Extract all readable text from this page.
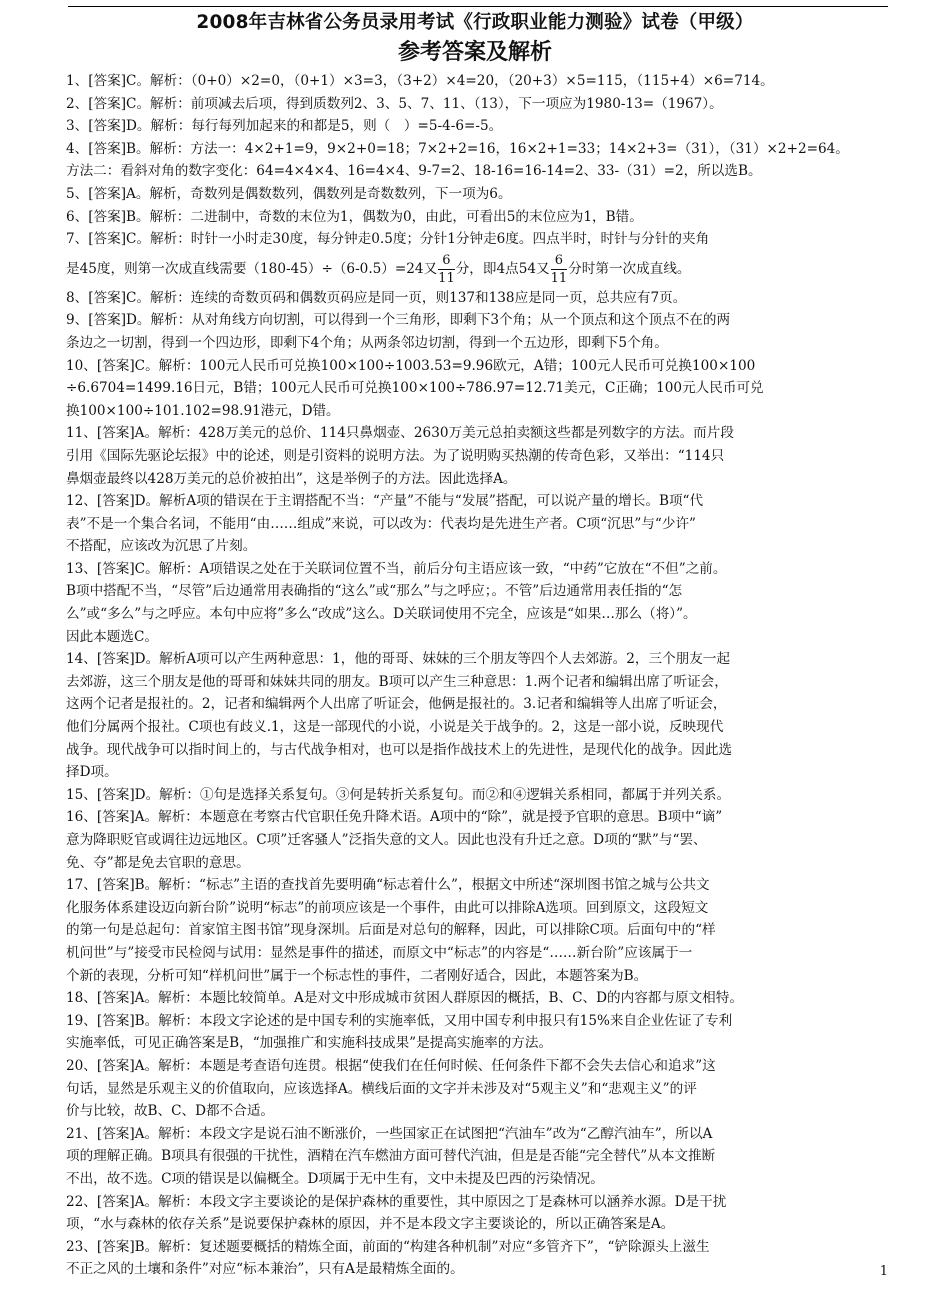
2008年吉林省公务员录用考试《行政职业能力测验》试卷（甲级）
参考答案及解析
1、[答案]C。解析：（0+0）×2=0，（0+1）×3=3，（3+2）×4=20，（20+3）×5=115，（115+4）×6=714。
2、[答案]C。解析：前项减去后项，得到质数列2、3、5、7、11、（13），下一项应为1980-13=（1967）。
3、[答案]D。解析：每行每列加起来的和都是5，则（　）=5-4-6=-5。
4、[答案]B。解析：方法一：4×2+1=9，9×2+0=18；7×2+2=16，16×2+1=33；14×2+3=（31），（31）×2+2=64。
方法二：看斜对角的数字变化：64=4×4×4、16=4×4、9-7=2、18-16=16-14=2、33-（31）=2，所以选B。
5、[答案]A。解析，奇数列是偶数数列，偶数列是奇数数列，下一项为6。
6、[答案]B。解析：二进制中，奇数的末位为1，偶数为0，由此，可看出5的末位应为1，B错。
7、[答案]C。解析：时针一小时走30度，每分钟走0.5度；分针1分钟走6度。四点半时，时针与分针的夹角
是45度，则第一次成直线需要（180-45）÷（6-0.5）=24又 $\frac{6}{11}$ 分，即4点54又 $\frac{6}{11}$ 分时第一次成直线。
8、[答案]C。解析：连续的奇数页码和偶数页码应是同一页，则137和138应是同一页，总共应有7页。
9、[答案]D。解析：从对角线方向切割，可以得到一个三角形，即剩下3个角；从一个顶点和这个顶点不在的两
条边之一切割，得到一个四边形，即剩下4个角；从两条邻边切割，得到一个五边形，即剩下5个角。
10、[答案]C。解析：100元人民币可兑换100×100÷1003.53=9.96欧元，A错；100元人民币可兑换100×100
÷6.6704=1499.16日元，B错；100元人民币可兑换100×100÷786.97=12.71美元，C正确；100元人民币可兑
换100×100÷101.102=98.91港元，D错。
11、[答案]A。解析：428万美元的总价、114只鼻烟壶、2630万美元总拍卖额这些都是列数字的方法。而片段
引用《国际先驱论坛报》中的论述，则是引资料的说明方法。为了说明购买热潮的传奇色彩，又举出：“114只
鼻烟壶最终以428万美元的总价被拍出”，这是举例子的方法。因此选择A。
12、[答案]D。解析A项的错误在于主谓搭配不当：“产量”不能与“发展”搭配，可以说产量的增长。B项“代
表”不是一个集合名词，不能用“由……组成”来说，可以改为：代表均是先进生产者。C项“沉思”与“少许”
不搭配，应该改为沉思了片刻。
13、[答案]C。解析：A项错误之处在于关联词位置不当，前后分句主语应该一致，“中药”它放在“不但”之前。
B项中搭配不当，“尽管”后边通常用表确指的“这么”或“那么”与之呼应；。不管”后边通常用表任指的“怎
么”或“多么”与之呼应。本句中应将”多么“改成”这么。D关联词使用不完全，应该是“如果…那么（将）”。
因此本题选C。
14、[答案]D。解析A项可以产生两种意思：1，他的哥哥、妹妹的三个朋友等四个人去郊游。2，三个朋友一起
去郊游，这三个朋友是他的哥哥和妹妹共同的朋友。B项可以产生三种意思：1.两个记者和编辑出席了听证会，
这两个记者是报社的。2，记者和编辑两个人出席了听证会，他俩是报社的。3.记者和编辑等人出席了听证会，
他们分属两个报社。C项也有歧义.1，这是一部现代的小说，小说是关于战争的。2，这是一部小说，反映现代
战争。现代战争可以指时间上的，与古代战争相对，也可以是指作战技术上的先进性，是现代化的战争。因此选
择D项。
15、[答案]D。解析：①句是选择关系复句。③何是转折关系复句。而②和④逻辑关系相同，都属于并列关系。
16、[答案]A。解析：本题意在考察古代官职任免升降术语。A项中的“除”，就是授予官职的意思。B项中“谪”
意为降职贬官或调往边远地区。C项”迁客骚人”泛指失意的文人。因此也没有升迁之意。D项的“默”与“罢、
免、夺”都是免去官职的意思。
17、[答案]B。解析：“标志”主语的查找首先要明确“标志着什么”，根据文中所述“深圳图书馆之城与公共文
化服务体系建设迈向新台阶”说明“标志”的前项应该是一个事件，由此可以排除A选项。回到原文，这段短文
的第一句是总起句：首家馆主图书馆”现身深圳。后面是对总句的解释，因此，可以排除C项。后面句中的“样
机问世”与”接受市民检阅与试用：显然是事件的描述，而原文中“标志”的内容是“……新台阶”应该属于一
个新的表现，分析可知“样机问世”属于一个标志性的事件，二者刚好适合，因此，本题答案为B。
18、[答案]A。解析：本题比较简单。A是对文中形成城市贫困人群原因的概括，B、C、D的内容都与原文相特。
19、[答案]B。解析：本段文字论述的是中国专利的实施率低，又用中国专利申报只有15%来自企业佐证了专利
实施率低，可见正确答案是B，“加强推广和实施科技成果”是提高实施率的方法。
20、[答案]A。解析：本题是考查语句连贯。根据“使我们在任何时候、任何条件下都不会失去信心和追求”这
句话，显然是乐观主义的价值取向，应该选择A。横线后面的文字并未涉及对“5观主义”和“悲观主义”的评
价与比较，故B、C、D都不合适。
21、[答案]A。解析：本段文字是说石油不断涨价，一些国家正在试图把“汽油车”改为“乙醇汽油车”，所以A
项的理解正确。B项具有很强的干扰性，酒精在汽车燃油方面可替代汽油，但是是否能“完全替代”从本文推断
不出，故不选。C项的错误是以偏概全。D项属于无中生有，文中未提及巴西的污染情况。
22、[答案]A。解析：本段文字主要谈论的是保护森林的重要性，其中原因之丁是森林可以涵养水源。D是干扰
项，“水与森林的依存关系”是说要保护森林的原因，并不是本段文字主要谈论的，所以正确答案是A。
23、[答案]B。解析：复述题要概括的精炼全面，前面的“构建各种机制”对应“多管齐下”，“铲除源头上滋生
不正之风的土壤和条件”对应“标本兼治”，只有A是最精炼全面的。	1
